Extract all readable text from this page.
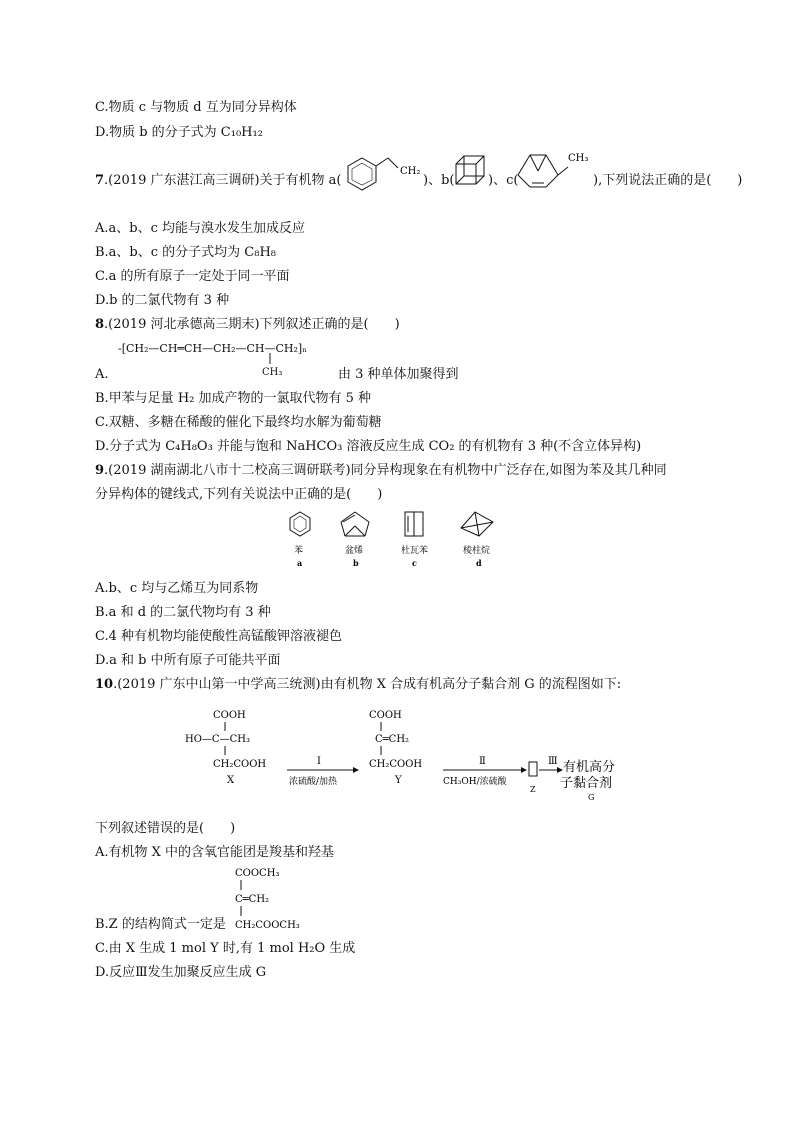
C.物质 c 与物质 d 互为同分异构体
D.物质 b 的分子式为 C₁₀H₁₂
7.(2019 广东湛江高三调研)关于有机物 a(
CH₂
)、b(	)、c(
CH₃
),下列说法正确的是(　　)
A.a、b、c 均能与溴水发生加成反应
B.a、b、c 的分子式均为 C₈H₈
C.a 的所有原子一定处于同一平面
D.b 的二氯代物有 3 种
8.(2019 河北承德高三期末)下列叙述正确的是(　　)
-[CH₂—CH═CH—CH₂—CH—CH₂]ₙ
CH₃
A.	由 3 种单体加聚得到
B.甲苯与足量 H₂ 加成产物的一氯取代物有 5 种
C.双糖、多糖在稀酸的催化下最终均水解为葡萄糖
D.分子式为 C₄H₈O₃ 并能与饱和 NaHCO₃ 溶液反应生成 CO₂ 的有机物有 3 种(不含立体异构)
9.(2019 湖南湖北八市十二校高三调研联考)同分异构现象在有机物中广泛存在,如图为苯及其几种同
分异构体的键线式,下列有关说法中正确的是(　　)
苯
a
盆烯
b
杜瓦苯
c
棱柱烷
d
A.b、c 均与乙烯互为同系物
B.a 和 d 的二氯代物均有 3 种
C.4 种有机物均能使酸性高锰酸钾溶液褪色
D.a 和 b 中所有原子可能共平面
10.(2019 广东中山第一中学高三统测)由有机物 X 合成有机高分子黏合剂 G 的流程图如下:
COOH
HO—C—CH₃
CH₂COOH
X
Ⅰ
浓硫酸/加热
COOH
C═CH₂
CH₂COOH
Y
Ⅱ
CH₃OH/浓硫酸
Z
Ⅲ 有机高分
子黏合剂
G
下列叙述错误的是(　　)
A.有机物 X 中的含氧官能团是羧基和羟基
COOCH₃
C═CH₂
CH₂COOCH₃
B.Z 的结构简式一定是
C.由 X 生成 1 mol Y 时,有 1 mol H₂O 生成
D.反应Ⅲ发生加聚反应生成 G
